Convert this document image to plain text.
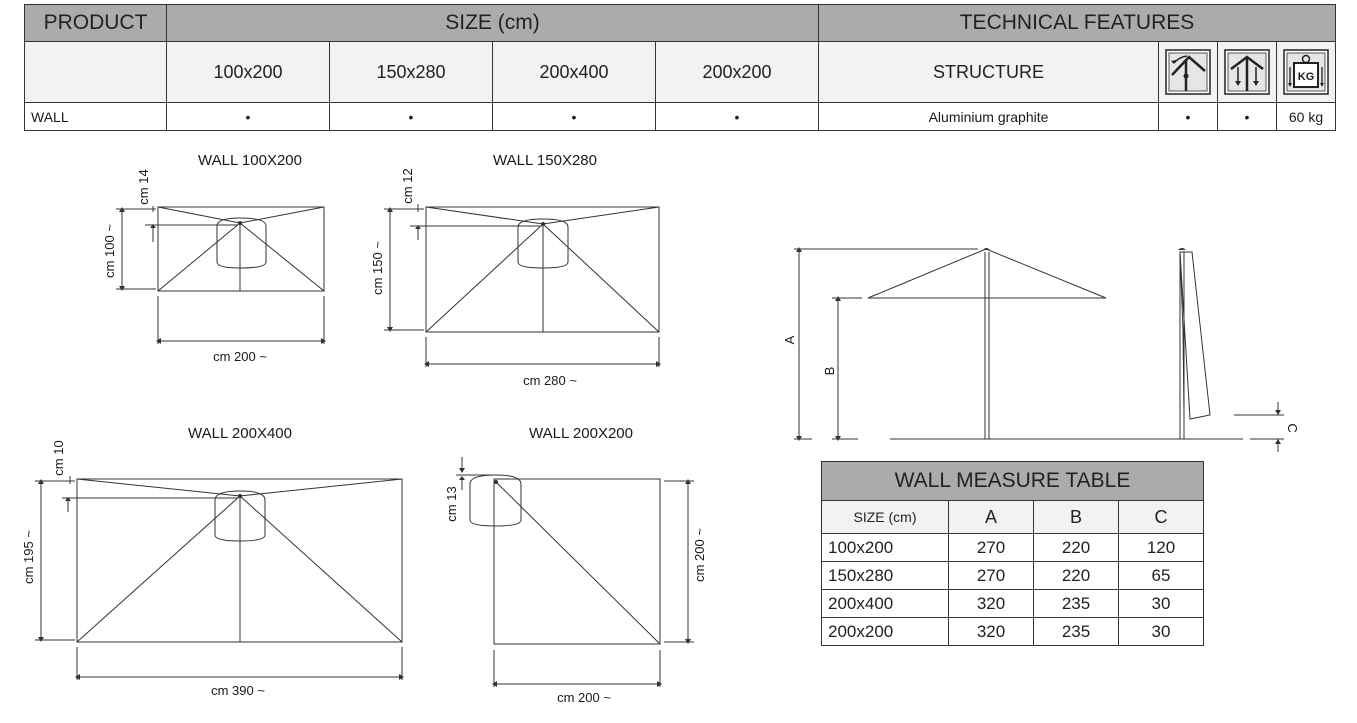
PRODUCT	SIZE (cm)				TECHNICAL FEATURES			
	100x200	150x280	200x400	200x200	STRUCTURE			KG

WALL	•	•	•	•	Aluminium graphite	•	•	60 kg
WALL 100X200	WALL 150X280
WALL 200X400	WALL 200X200
cm 200 ~
cm 280 ~
cm 390 ~	cm 200 ~
cm 100 ~	cm 150 ~
cm 195 ~	cm 200 ~
cm 14	cm 12
cm 10
cm 13
A
B
C
WALL MEASURE TABLE			
SIZE (cm)	A	B	C
100x200	270	220	120
150x280	270	220	65
200x400	320	235	30
200x200	320	235	30
